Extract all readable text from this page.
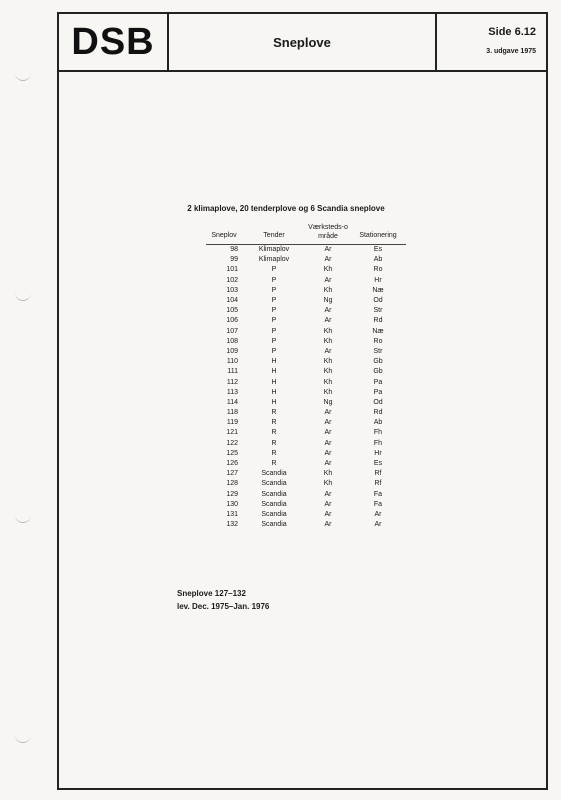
DSB	Sneplove
Side 6.12
3. udgave 1975
2 klimaplove, 20 tenderplove og 6 Scandia sneplove
Sneplov	Tender	Værksteds-område	Stationering
98	Klimaplov	Ar	Es
99	Klimaplov	Ar	Ab
101	P	Kh	Ro
102	P	Ar	Hr
103	P	Kh	Næ
104	P	Ng	Od
105	P	Ar	Str
106	P	Ar	Rd
107	P	Kh	Næ
108	P	Kh	Ro
109	P	Ar	Str
110	H	Kh	Gb
111	H	Kh	Gb
112	H	Kh	Pa
113	H	Kh	Pa
114	H	Ng	Od
118	R	Ar	Rd
119	R	Ar	Ab
121	R	Ar	Fh
122	R	Ar	Fh
125	R	Ar	Hr
126	R	Ar	Es
127	Scandia	Kh	Rf
128	Scandia	Kh	Rf
129	Scandia	Ar	Fa
130	Scandia	Ar	Fa
131	Scandia	Ar	Ar
132	Scandia	Ar	Ar
Sneplove 127–132
lev. Dec. 1975–Jan. 1976
